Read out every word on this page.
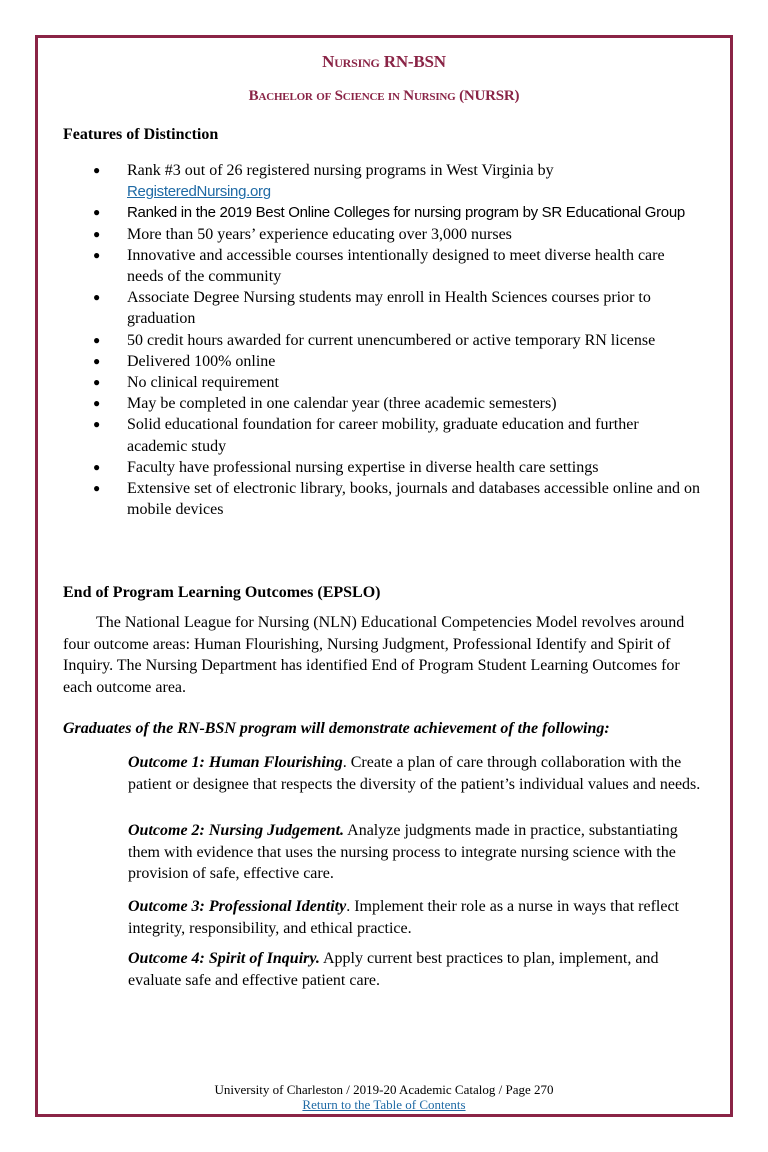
Nursing RN-BSN
Bachelor of Science in Nursing (NURSR)
Features of Distinction
● Rank #3 out of 26 registered nursing programs in West Virginia by
RegisteredNursing.org
● Ranked in the 2019 Best Online Colleges for nursing program by SR Educational Group
● More than 50 years’ experience educating over 3,000 nurses
● Innovative and accessible courses intentionally designed to meet diverse health care needs of the community
● Associate Degree Nursing students may enroll in Health Sciences courses prior to graduation
● 50 credit hours awarded for current unencumbered or active temporary RN license
● Delivered 100% online
● No clinical requirement
● May be completed in one calendar year (three academic semesters)
● Solid educational foundation for career mobility, graduate education and further academic study
● Faculty have professional nursing expertise in diverse health care settings
● Extensive set of electronic library, books, journals and databases accessible online and on mobile devices
End of Program Learning Outcomes (EPSLO)

The National League for Nursing (NLN) Educational Competencies Model revolves around four outcome areas: Human Flourishing, Nursing Judgment, Professional Identify and Spirit of Inquiry. The Nursing Department has identified End of Program Student Learning Outcomes for each outcome area.

Graduates of the RN-BSN program will demonstrate achievement of the following:

Outcome 1: Human Flourishing. Create a plan of care through collaboration with the patient or designee that respects the diversity of the patient’s individual values and needs.

Outcome 2: Nursing Judgement. Analyze judgments made in practice, substantiating them with evidence that uses the nursing process to integrate nursing science with the provision of safe, effective care.

Outcome 3: Professional Identity. Implement their role as a nurse in ways that reflect integrity, responsibility, and ethical practice.

Outcome 4: Spirit of Inquiry. Apply current best practices to plan, implement, and evaluate safe and effective patient care.

University of Charleston / 2019-20 Academic Catalog / Page 270
Return to the Table of Contents
